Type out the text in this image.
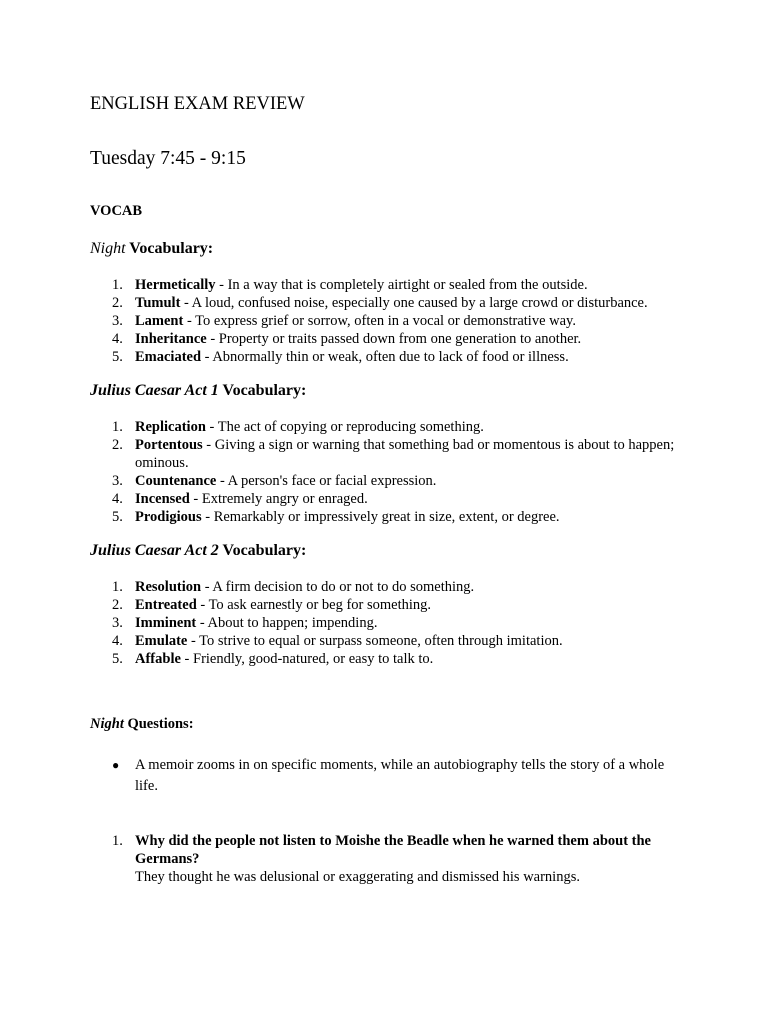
ENGLISH EXAM REVIEW
Tuesday 7:45 - 9:15
VOCAB
Night Vocabulary:
1. Hermetically - In a way that is completely airtight or sealed from the outside.
2. Tumult - A loud, confused noise, especially one caused by a large crowd or disturbance.
3. Lament - To express grief or sorrow, often in a vocal or demonstrative way.
4. Inheritance - Property or traits passed down from one generation to another.
5. Emaciated - Abnormally thin or weak, often due to lack of food or illness.
Julius Caesar Act 1 Vocabulary:
1. Replication - The act of copying or reproducing something.
2. Portentous - Giving a sign or warning that something bad or momentous is about to happen; ominous.
3. Countenance - A person's face or facial expression.
4. Incensed - Extremely angry or enraged.
5. Prodigious - Remarkably or impressively great in size, extent, or degree.
Julius Caesar Act 2 Vocabulary:
1. Resolution - A firm decision to do or not to do something.
2. Entreated - To ask earnestly or beg for something.
3. Imminent - About to happen; impending.
4. Emulate - To strive to equal or surpass someone, often through imitation.
5. Affable - Friendly, good-natured, or easy to talk to.
Night Questions:
● A memoir zooms in on specific moments, while an autobiography tells the story of a whole life.
1. Why did the people not listen to Moishe the Beadle when he warned them about the Germans?
They thought he was delusional or exaggerating and dismissed his warnings.
